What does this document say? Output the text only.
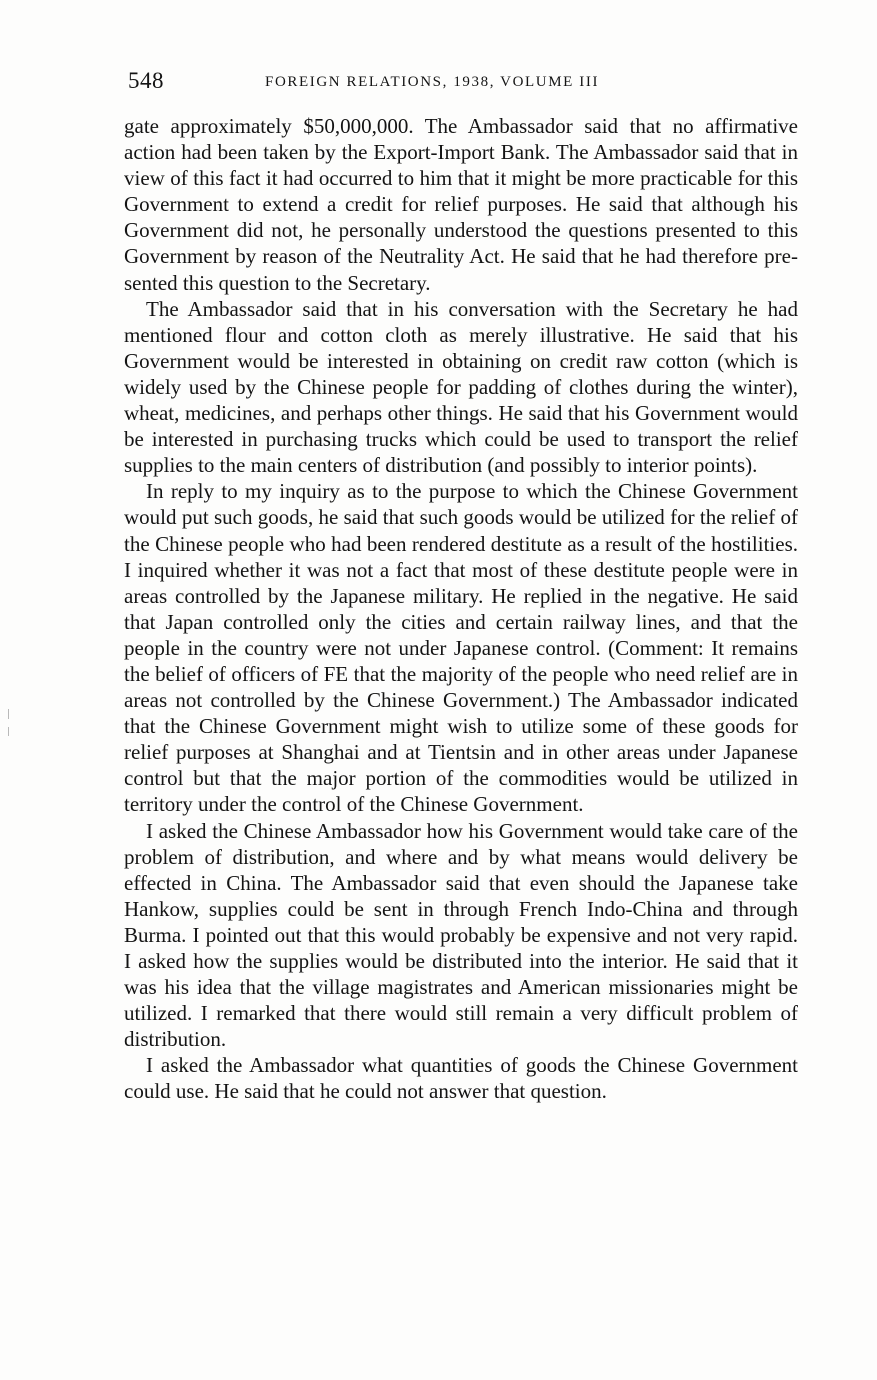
548	FOREIGN RELATIONS, 1938, VOLUME III

gate approximately $50,000,000. The Ambassador said that no affirmative action had been taken by the Export-Import Bank. The Ambassador said that in view of this fact it had occurred to him that it might be more practicable for this Government to extend a credit for relief purposes. He said that although his Government did not, he personally understood the questions presented to this Government by reason of the Neutrality Act. He said that he had therefore presented this question to the Secretary.

The Ambassador said that in his conversation with the Secretary he had mentioned flour and cotton cloth as merely illustrative. He said that his Government would be interested in obtaining on credit raw cotton (which is widely used by the Chinese people for padding of clothes during the winter), wheat, medicines, and perhaps other things. He said that his Government would be interested in purchasing trucks which could be used to transport the relief supplies to the main centers of distribution (and possibly to interior points).

In reply to my inquiry as to the purpose to which the Chinese Government would put such goods, he said that such goods would be utilized for the relief of the Chinese people who had been rendered destitute as a result of the hostilities. I inquired whether it was not a fact that most of these destitute people were in areas controlled by the Japanese military. He replied in the negative. He said that Japan controlled only the cities and certain railway lines, and that the people in the country were not under Japanese control. (Comment: It remains the belief of officers of FE that the majority of the people who need relief are in areas not controlled by the Chinese Government.) The Ambassador indicated that the Chinese Government might wish to utilize some of these goods for relief purposes at Shanghai and at Tientsin and in other areas under Japanese control but that the major portion of the commodities would be utilized in territory under the control of the Chinese Government.

I asked the Chinese Ambassador how his Government would take care of the problem of distribution, and where and by what means would delivery be effected in China. The Ambassador said that even should the Japanese take Hankow, supplies could be sent in through French Indo-China and through Burma. I pointed out that this would probably be expensive and not very rapid. I asked how the supplies would be distributed into the interior. He said that it was his idea that the village magistrates and American missionaries might be utilized. I remarked that there would still remain a very difficult problem of distribution.

I asked the Ambassador what quantities of goods the Chinese Government could use. He said that he could not answer that question.
